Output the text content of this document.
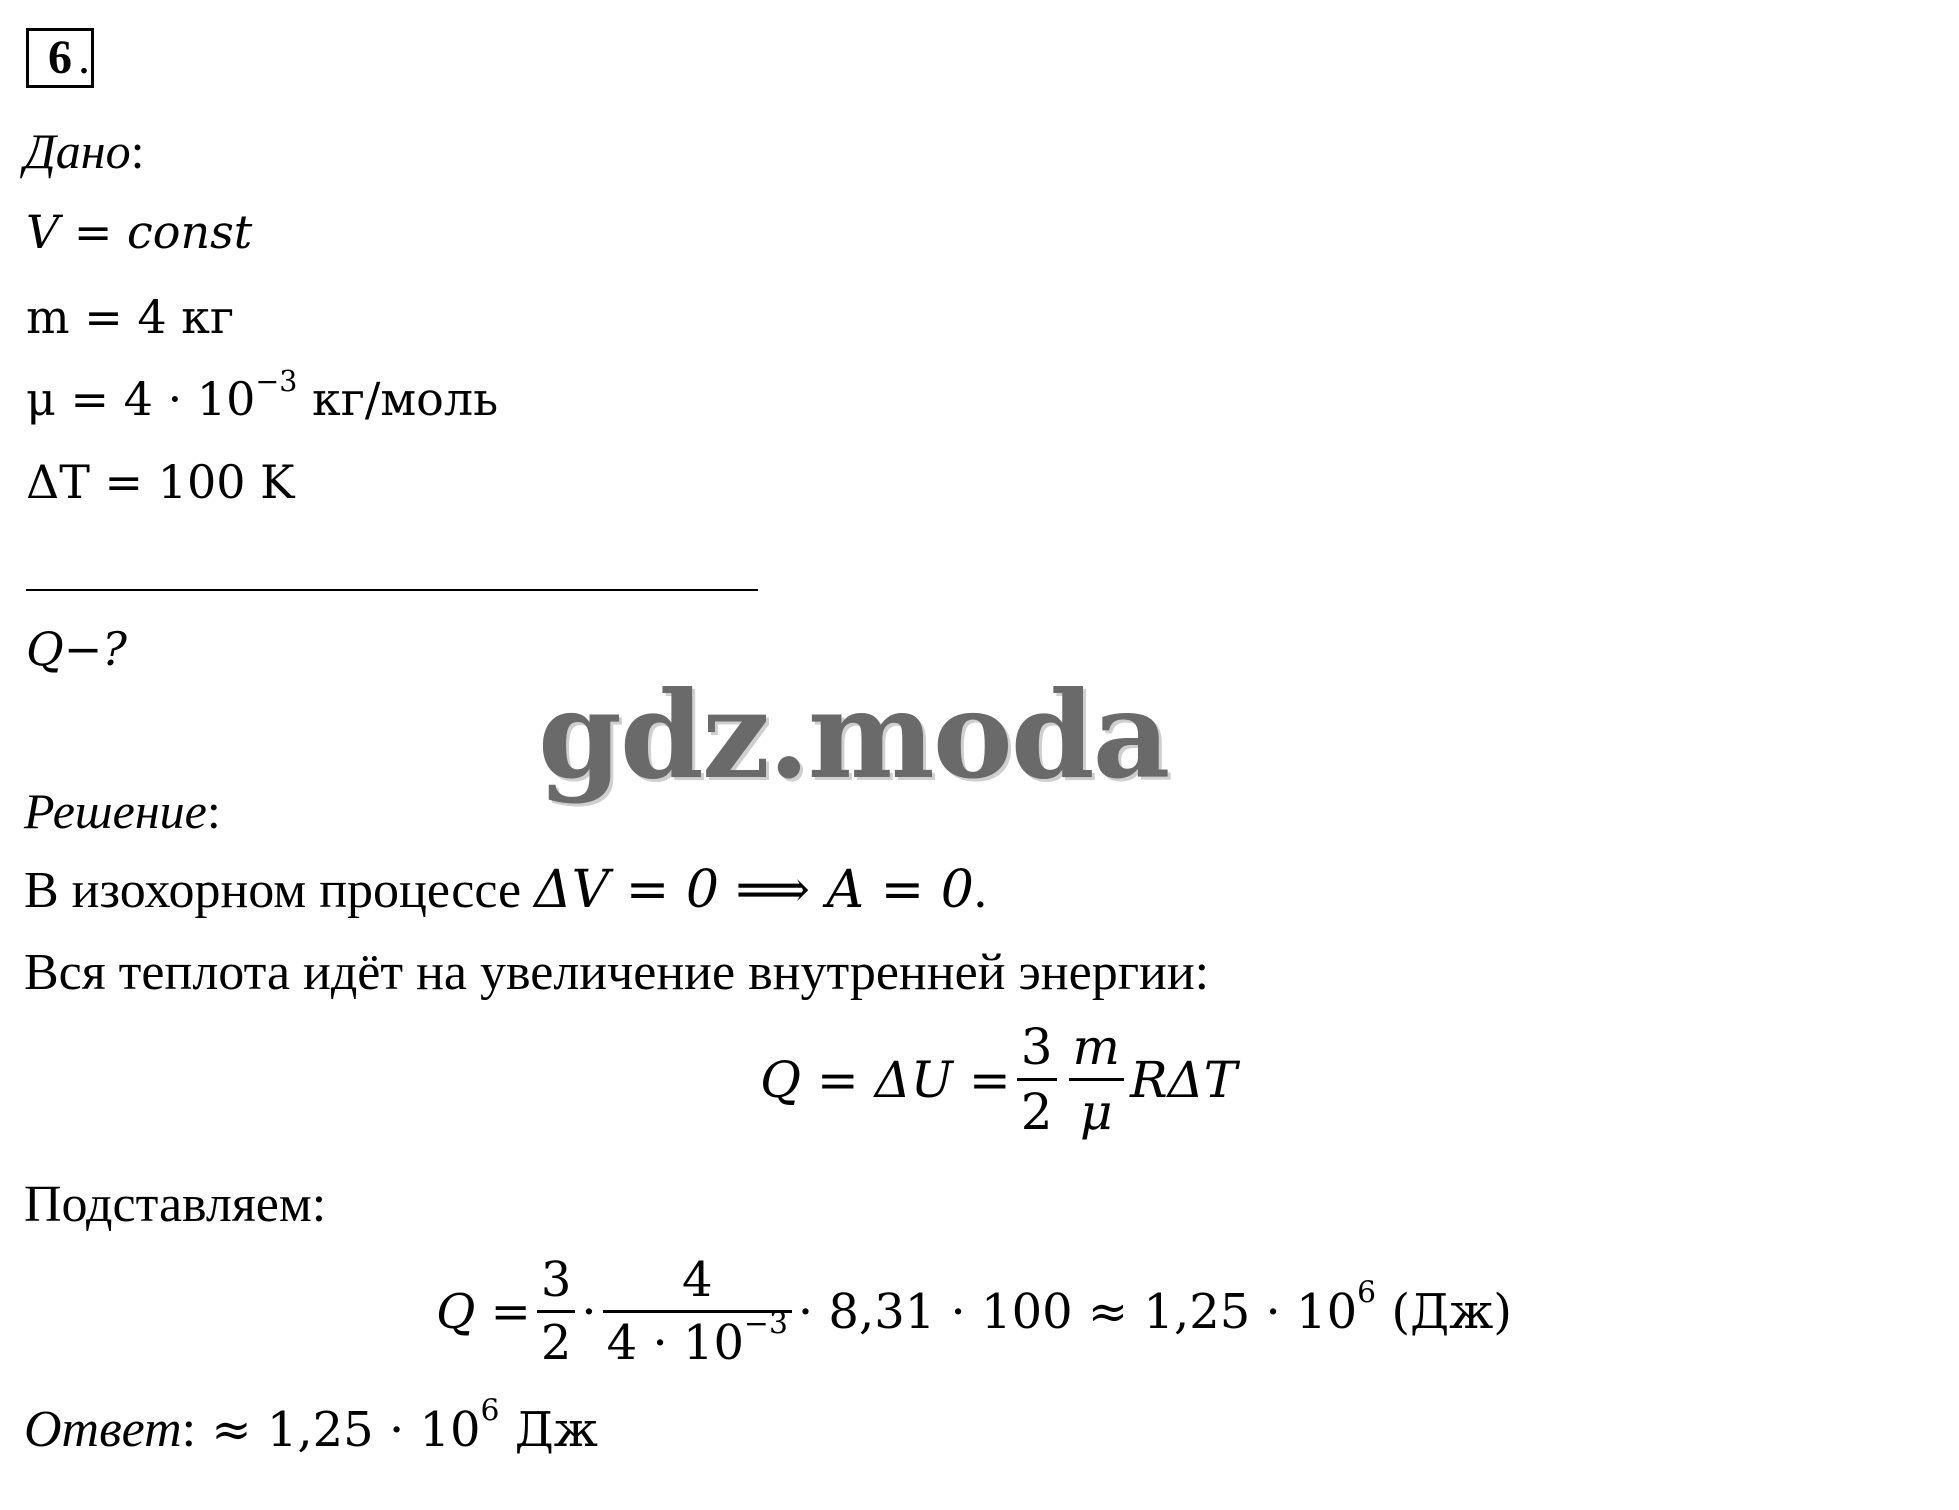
6 .
Дано:
V = const
m = 4 кг
$\mu = 4 \cdot 10^{-3}$ кг/моль
ΔT = 100 K
Q−?
gdz.moda
Решение:
В изохорном процессе ΔV = 0 ⟹ A = 0.
Вся теплота идёт на увеличение внутренней энергии:
$Q = \Delta U = \frac{3}{2} \frac{m}{\mu}$ RΔT
Подставляем:
$Q = \frac{3}{2} \cdot \frac{4}{4 \cdot 10^{-3}} \cdot 8,31 \cdot 100 \approx 1,25 \cdot 10^6$ (Дж)
Ответ: ≈ $1,25 \cdot 10^6$ Дж
